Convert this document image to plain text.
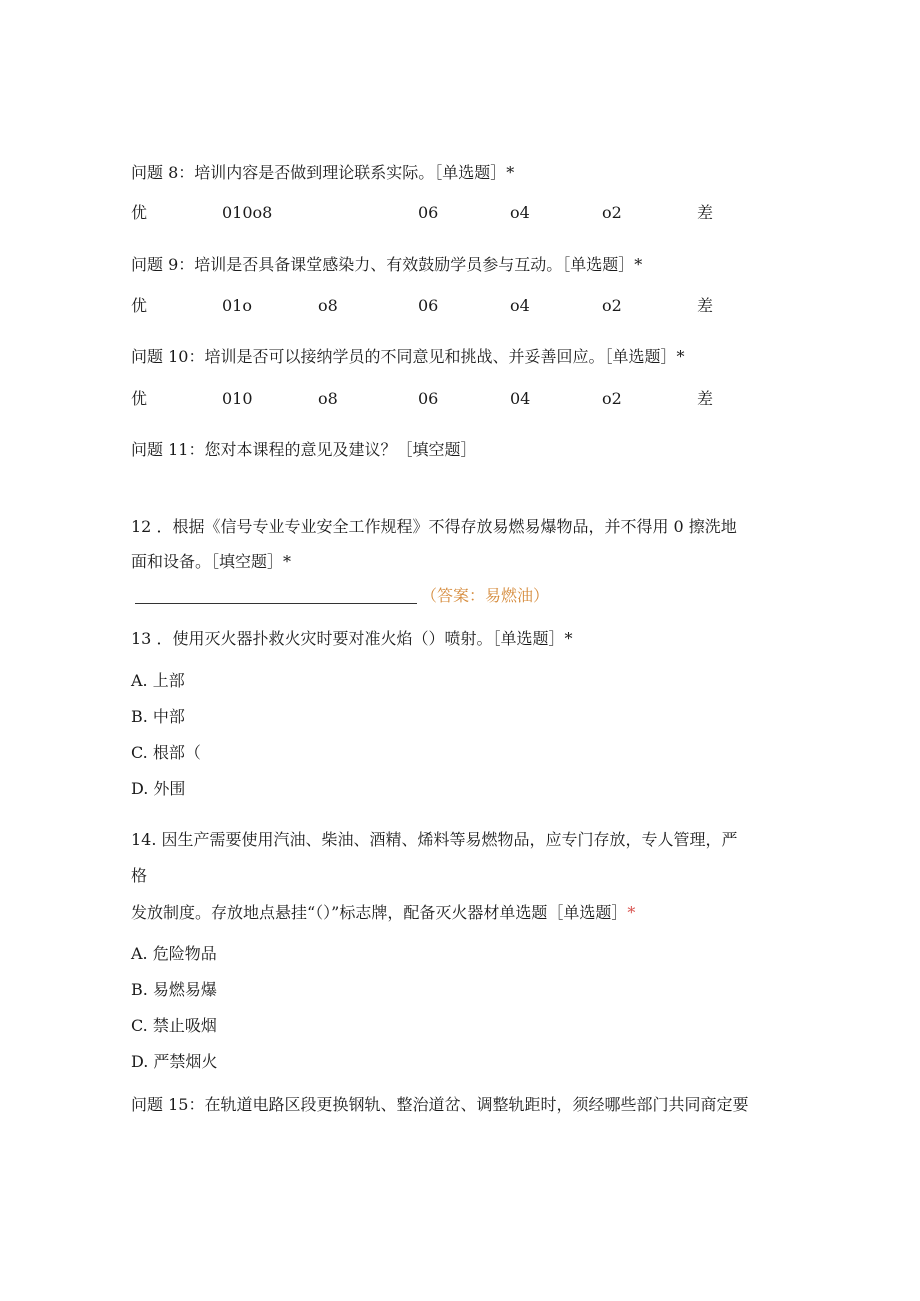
问题 8：培训内容是否做到理论联系实际。［单选题］*
优	010o8	06	o4	o2	差
问题 9：培训是否具备课堂感染力、有效鼓励学员参与互动。［单选题］*
优	01o	o8	06	o4	o2	差
问题 10：培训是否可以接纳学员的不同意见和挑战、并妥善回应。［单选题］*
优	010	o8	06	04	o2	差
问题 11：您对本课程的意见及建议？［填空题］
12 ．根据《信号专业专业安全工作规程》不得存放易燃易爆物品，并不得用 0 擦洗地
面和设备。［填空题］*
（答案：易燃油）
13 ．使用灭火器扑救火灾时要对准火焰（）喷射。［单选题］*
A. 上部
B. 中部
C. 根部（
D. 外围
14. 因生产需要使用汽油、柴油、酒精、烯料等易燃物品，应专门存放，专人管理，严
格
发放制度。存放地点悬挂“（）”标志牌，配备灭火器材单选题［单选题］*
A. 危险物品
B. 易燃易爆
C. 禁止吸烟
D. 严禁烟火
问题 15：在轨道电路区段更换钢轨、整治道岔、调整轨距时，须经哪些部门共同商定要
